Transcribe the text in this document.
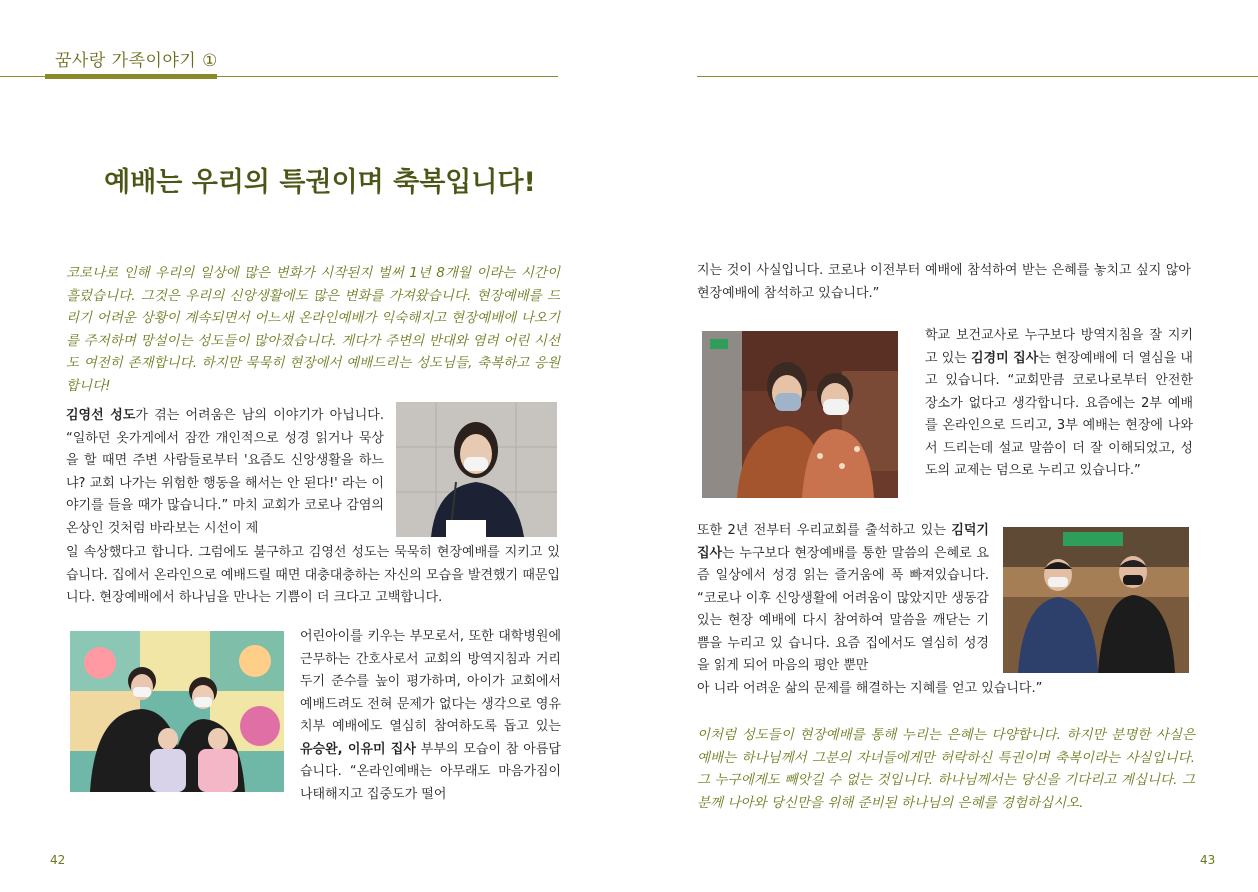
꿈사랑 가족이야기 ①
예배는 우리의 특권이며 축복입니다!

코로나로 인해 우리의 일상에 많은 변화가 시작된지 벌써 1년 8개월 이라는 시간이 흘렀습니다. 그것은 우리의 신앙생활에도 많은 변화를 가져왔습니다. 현장예배를 드리기 어려운 상황이 계속되면서 어느새 온라인예배가 익숙해지고 현장예배에 나오기를 주저하며 망설이는 성도들이 많아졌습니다. 게다가 주변의 반대와 염려 어린 시선도 여전히 존재합니다. 하지만 묵묵히 현장에서 예배드리는 성도님들, 축복하고 응원합니다!

김영선 성도가 겪는 어려움은 남의 이야기가 아닙니다. “일하던 옷가게에서 잠깐 개인적으로 성경 읽거나 묵상을 할 때면 주변 사람들로부터 '요즘도 신앙생활을 하느냐? 교회 나가는 위험한 행동을 해서는 안 된다!' 라는 이야기를 들을 때가 많습니다.” 마치 교회가 코로나 감염의 온상인 것처럼 바라보는 시선이 제

일 속상했다고 합니다. 그럼에도 불구하고 김영선 성도는 묵묵히 현장예배를 지키고 있습니다. 집에서 온라인으로 예배드릴 때면 대충대충하는 자신의 모습을 발견했기 때문입니다. 현장예배에서 하나님을 만나는 기쁨이 더 크다고 고백합니다.

어린아이를 키우는 부모로서, 또한 대학병원에 근무하는 간호사로서 교회의 방역지침과 거리두기 준수를 높이 평가하며, 아이가 교회에서 예배드려도 전혀 문제가 없다는 생각으로 영유치부 예배에도 열심히 참여하도록 돕고 있는 유승완, 이유미 집사 부부의 모습이 참 아름답습니다. “온라인예배는 아무래도 마음가짐이 나태해지고 집중도가 떨어

지는 것이 사실입니다. 코로나 이전부터 예배에 참석하여 받는 은혜를 놓치고 싶지 않아 현장예배에 참석하고 있습니다.”

학교 보건교사로 누구보다 방역지침을 잘 지키고 있는 김경미 집사는 현장예배에 더 열심을 내고 있습니다. “교회만큼 코로나로부터 안전한 장소가 없다고 생각합니다. 요즘에는 2부 예배를 온라인으로 드리고, 3부 예배는 현장에 나와서 드리는데 설교 말씀이 더 잘 이해되었고, 성도의 교제는 덤으로 누리고 있습니다.”

또한 2년 전부터 우리교회를 출석하고 있는 김덕기 집사는 누구보다 현장예배를 통한 말씀의 은혜로 요즘 일상에서 성경 읽는 즐거움에 푹 빠져있습니다. “코로나 이후 신앙생활에 어려움이 많았지만 생동감 있는 현장 예배에 다시 참여하여 말씀을 깨닫는 기쁨을 누리고 있 습니다. 요즘 집에서도 열심히 성경을 읽게 되어 마음의 평안 뿐만

아 니라 어려운 삶의 문제를 해결하는 지혜를 얻고 있습니다.”

이처럼 성도들이 현장예배를 통해 누리는 은혜는 다양합니다. 하지만 분명한 사실은 예배는 하나님께서 그분의 자녀들에게만 허락하신 특권이며 축복이라는 사실입니다. 그 누구에게도 빼앗길 수 없는 것입니다. 하나님께서는 당신을 기다리고 계십니다. 그분께 나아와 당신만을 위해 준비된 하나님의 은혜를 경험하십시오.

42	43
